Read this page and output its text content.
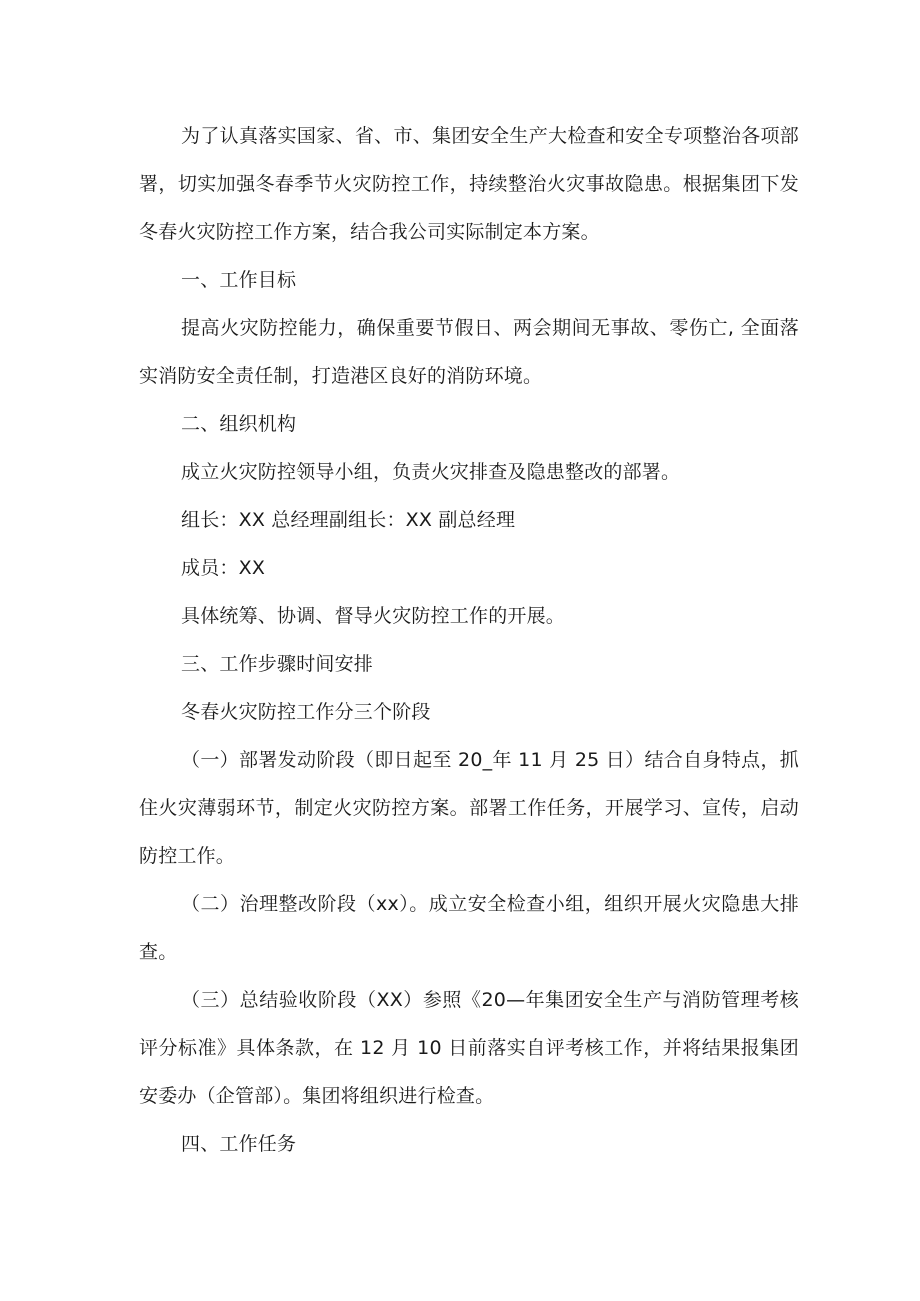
为了认真落实国家、省、市、集团安全生产大检查和安全专项整治各项部署，切实加强冬春季节火灾防控工作，持续整治火灾事故隐患。根据集团下发冬春火灾防控工作方案，结合我公司实际制定本方案。

一、工作目标

提高火灾防控能力，确保重要节假日、两会期间无事故、零伤亡, 全面落实消防安全责任制，打造港区良好的消防环境。

二、组织机构

成立火灾防控领导小组，负责火灾排查及隐患整改的部署。

组长：XX 总经理副组长：XX 副总经理

成员：XX

具体统筹、协调、督导火灾防控工作的开展。

三、工作步骤时间安排

冬春火灾防控工作分三个阶段

（一）部署发动阶段（即日起至 20_年 11 月 25 日）结合自身特点，抓住火灾薄弱环节，制定火灾防控方案。部署工作任务，开展学习、宣传，启动防控工作。

（二）治理整改阶段（xx）。成立安全检查小组，组织开展火灾隐患大排查。

（三）总结验收阶段（XX）参照《20—年集团安全生产与消防管理考核评分标准》具体条款，在 12 月 10 日前落实自评考核工作，并将结果报集团安委办（企管部）。集团将组织进行检查。

四、工作任务
